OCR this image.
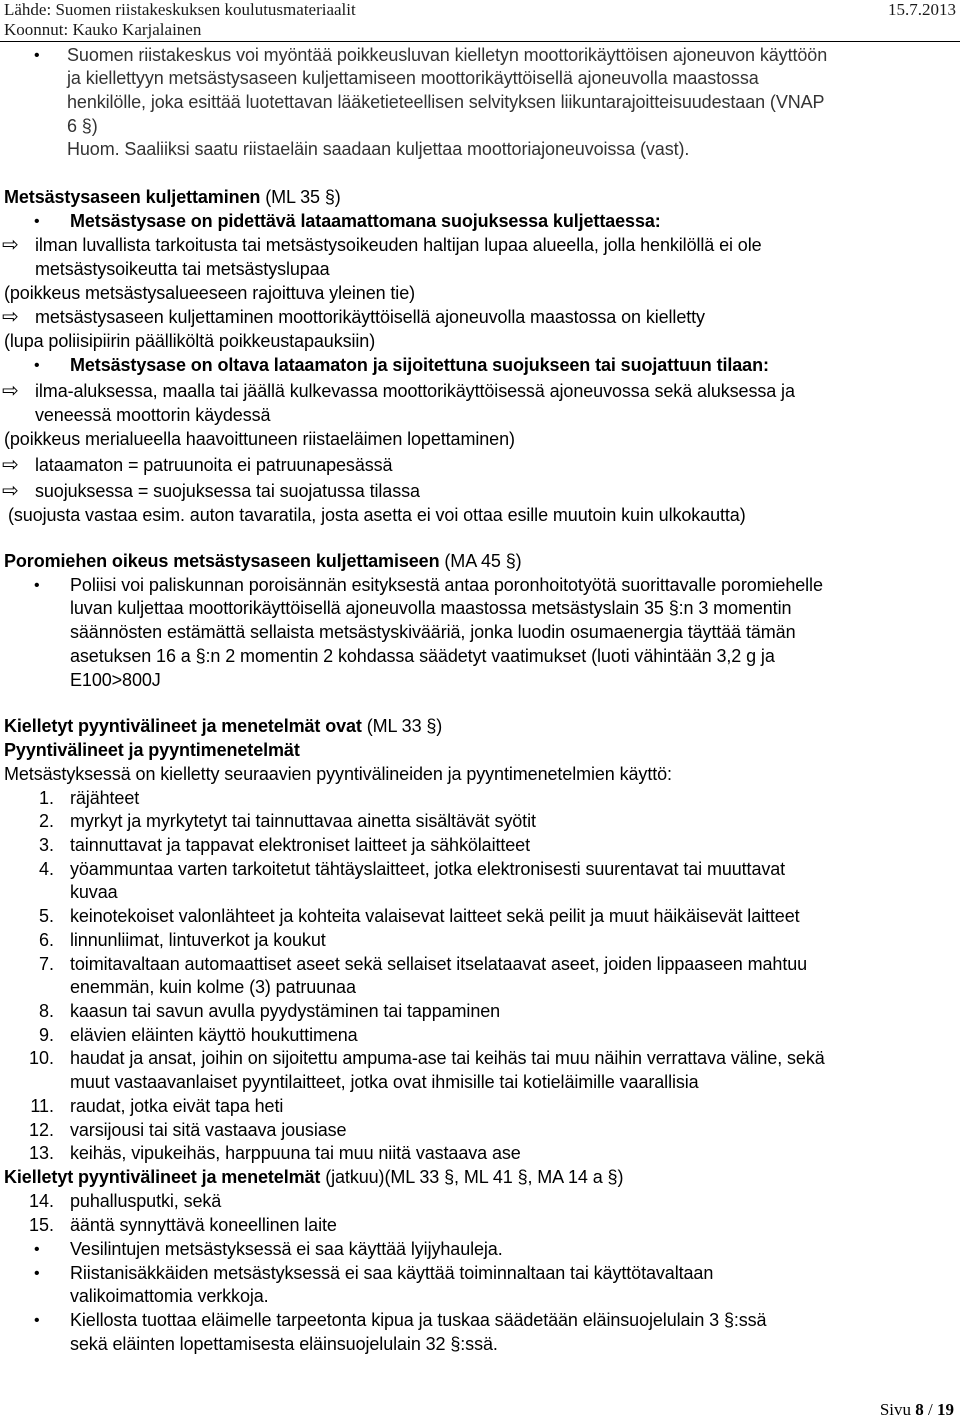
Lähde: Suomen riistakeskuksen koulutusmateriaalit	15.7.2013
Koonnut: Kauko Karjalainen
• Suomen riistakeskus voi myöntää poikkeusluvan kielletyn moottorikäyttöisen ajoneuvon käyttöön
ja kiellettyyn metsästysaseen kuljettamiseen moottorikäyttöisellä ajoneuvolla maastossa
henkilölle, joka esittää luotettavan lääketieteellisen selvityksen liikuntarajoitteisuudestaan (VNAP
6 §)
Huom. Saaliiksi saatu riistaeläin saadaan kuljettaa moottoriajoneuvoissa (vast).
Metsästysaseen kuljettaminen (ML 35 §)
• Metsästysase on pidettävä lataamattomana suojuksessa kuljettaessa:
⇨ ilman luvallista tarkoitusta tai metsästysoikeuden haltijan lupaa alueella, jolla henkilöllä ei ole
metsästysoikeutta tai metsästyslupaa
(poikkeus metsästysalueeseen rajoittuva yleinen tie)
⇨ metsästysaseen kuljettaminen moottorikäyttöisellä ajoneuvolla maastossa on kielletty
(lupa poliisipiirin päälliköltä poikkeustapauksiin)
• Metsästysase on oltava lataamaton ja sijoitettuna suojukseen tai suojattuun tilaan:
⇨ ilma-aluksessa, maalla tai jäällä kulkevassa moottorikäyttöisessä ajoneuvossa sekä aluksessa ja
veneessä moottorin käydessä
(poikkeus merialueella haavoittuneen riistaeläimen lopettaminen)
⇨ lataamaton = patruunoita ei patruunapesässä
⇨ suojuksessa = suojuksessa tai suojatussa tilassa
(suojusta vastaa esim. auton tavaratila, josta asetta ei voi ottaa esille muutoin kuin ulkokautta)
Poromiehen oikeus metsästysaseen kuljettamiseen (MA 45 §)
• Poliisi voi paliskunnan poroisännän esityksestä antaa poronhoitotyötä suorittavalle poromiehelle
luvan kuljettaa moottorikäyttöisellä ajoneuvolla maastossa metsästyslain 35 §:n 3 momentin
säännösten estämättä sellaista metsästyskivääriä, jonka luodin osumaenergia täyttää tämän
asetuksen 16 a §:n 2 momentin 2 kohdassa säädetyt vaatimukset (luoti vähintään 3,2 g ja
E100>800J
Kielletyt pyyntivälineet ja menetelmät ovat (ML 33 §)
Pyyntivälineet ja pyyntimenetelmät
Metsästyksessä on kielletty seuraavien pyyntivälineiden ja pyyntimenetelmien käyttö:
1. räjähteet
2. myrkyt ja myrkytetyt tai tainnuttavaa ainetta sisältävät syötit
3. tainnuttavat ja tappavat elektroniset laitteet ja sähkölaitteet
4. yöammuntaa varten tarkoitetut tähtäyslaitteet, jotka elektronisesti suurentavat tai muuttavat
kuvaa
5. keinotekoiset valonlähteet ja kohteita valaisevat laitteet sekä peilit ja muut häikäisevät laitteet
6. linnunliimat, lintuverkot ja koukut
7. toimitavaltaan automaattiset aseet sekä sellaiset itselataavat aseet, joiden lippaaseen mahtuu
enemmän, kuin kolme (3) patruunaa
8. kaasun tai savun avulla pyydystäminen tai tappaminen
9. elävien eläinten käyttö houkuttimena
10. haudat ja ansat, joihin on sijoitettu ampuma-ase tai keihäs tai muu näihin verrattava väline, sekä
muut vastaavanlaiset pyyntilaitteet, jotka ovat ihmisille tai kotieläimille vaarallisia
11. raudat, jotka eivät tapa heti
12. varsijousi tai sitä vastaava jousiase
13. keihäs, vipukeihäs, harppuuna tai muu niitä vastaava ase
Kielletyt pyyntivälineet ja menetelmät (jatkuu)(ML 33 §, ML 41 §, MA 14 a §)
14. puhallusputki, sekä
15. ääntä synnyttävä koneellinen laite
• Vesilintujen metsästyksessä ei saa käyttää lyijyhauleja.
• Riistanisäkkäiden metsästyksessä ei saa käyttää toiminnaltaan tai käyttötavaltaan
valikoimattomia verkkoja.
• Kiellosta tuottaa eläimelle tarpeetonta kipua ja tuskaa säädetään eläinsuojelulain 3 §:ssä
sekä eläinten lopettamisesta eläinsuojelulain 32 §:ssä.
Sivu 8 / 19
